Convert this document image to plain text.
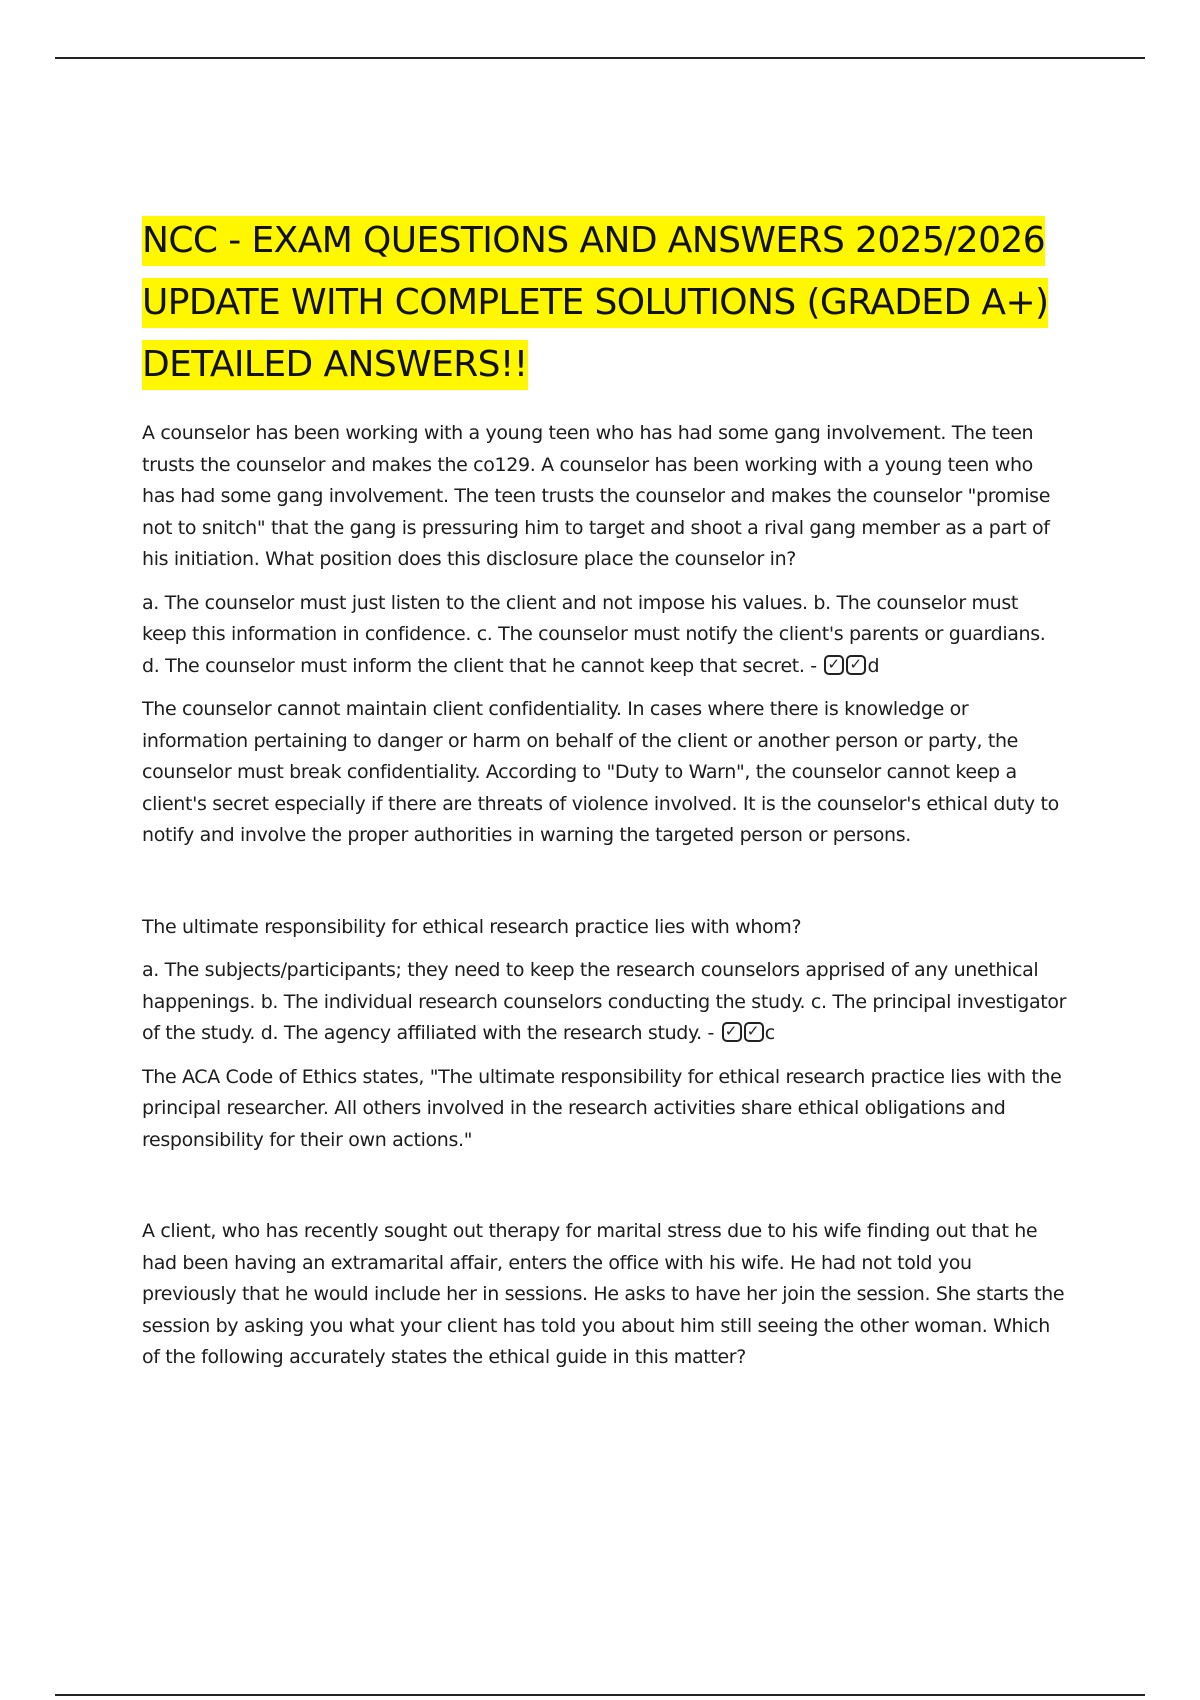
NCC - EXAM QUESTIONS AND ANSWERS 2025/2026 UPDATE WITH COMPLETE SOLUTIONS (GRADED A+) DETAILED ANSWERS!!

A counselor has been working with a young teen who has had some gang involvement. The teen trusts the counselor and makes the co129. A counselor has been working with a young teen who has had some gang involvement. The teen trusts the counselor and makes the counselor "promise not to snitch" that the gang is pressuring him to target and shoot a rival gang member as a part of his initiation. What position does this disclosure place the counselor in?

a. The counselor must just listen to the client and not impose his values. b. The counselor must keep this information in confidence. c. The counselor must notify the client's parents or guardians. d. The counselor must inform the client that he cannot keep that secret. - ✓✓d

The counselor cannot maintain client confidentiality. In cases where there is knowledge or information pertaining to danger or harm on behalf of the client or another person or party, the counselor must break confidentiality. According to "Duty to Warn", the counselor cannot keep a client's secret especially if there are threats of violence involved. It is the counselor's ethical duty to notify and involve the proper authorities in warning the targeted person or persons.

The ultimate responsibility for ethical research practice lies with whom?

a. The subjects/participants; they need to keep the research counselors apprised of any unethical happenings. b. The individual research counselors conducting the study. c. The principal investigator of the study. d. The agency affiliated with the research study. - ✓✓c

The ACA Code of Ethics states, "The ultimate responsibility for ethical research practice lies with the principal researcher. All others involved in the research activities share ethical obligations and responsibility for their own actions."

A client, who has recently sought out therapy for marital stress due to his wife finding out that he had been having an extramarital affair, enters the office with his wife. He had not told you previously that he would include her in sessions. He asks to have her join the session. She starts the session by asking you what your client has told you about him still seeing the other woman. Which of the following accurately states the ethical guide in this matter?
